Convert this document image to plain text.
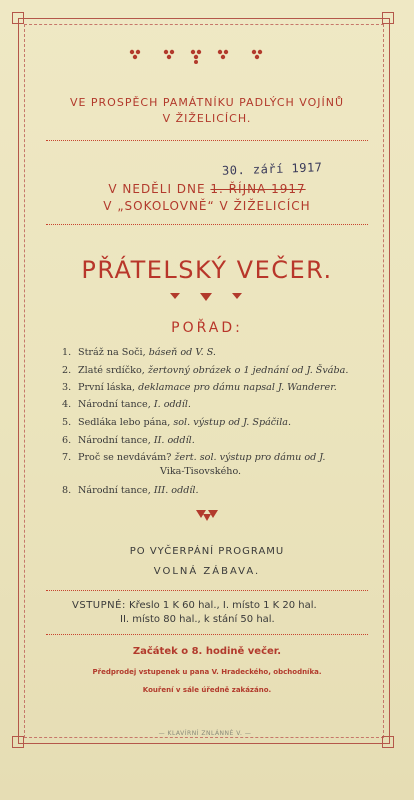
VE PROSPĚCH PAMÁTNÍKU PADLÝCH VOJÍNŮ
V ŽIŽELICÍCH.
30. září 1917
V NEDĚLI DNE 1. ŘÍJNA 1917
V „SOKOLOVNĚ“ V ŽIŽELICÍCH
PŘÁTELSKÝ VEČER.
POŘAD:
1. Stráž na Soči, báseň od V. S.
2. Zlaté srdíčko, žertovný obrázek o 1 jednání od J. Švába.
3. První láska, deklamace pro dámu napsal J. Wanderer.
4. Národní tance, I. oddíl.
5. Sedláka lebo pána, sol. výstup od J. Spáčila.
6. Národní tance, II. oddíl.
7. Proč se nevdávám? žert. sol. výstup pro dámu od J.
Vika-Tisovského.
8. Národní tance, III. oddíl.
PO VYČERPÁNÍ PROGRAMU
VOLNÁ ZÁBAVA.
VSTUPNÉ: Křeslo 1 K 60 hal., I. místo 1 K 20 hal.
II. místo 80 hal., k stání 50 hal.
Začátek o 8. hodině večer.
Předprodej vstupenek u pana V. Hradeckého, obchodníka.
Kouření v sále úředně zakázáno.
— KLAVÍRNÍ ZNLÁNNÉ V. —
